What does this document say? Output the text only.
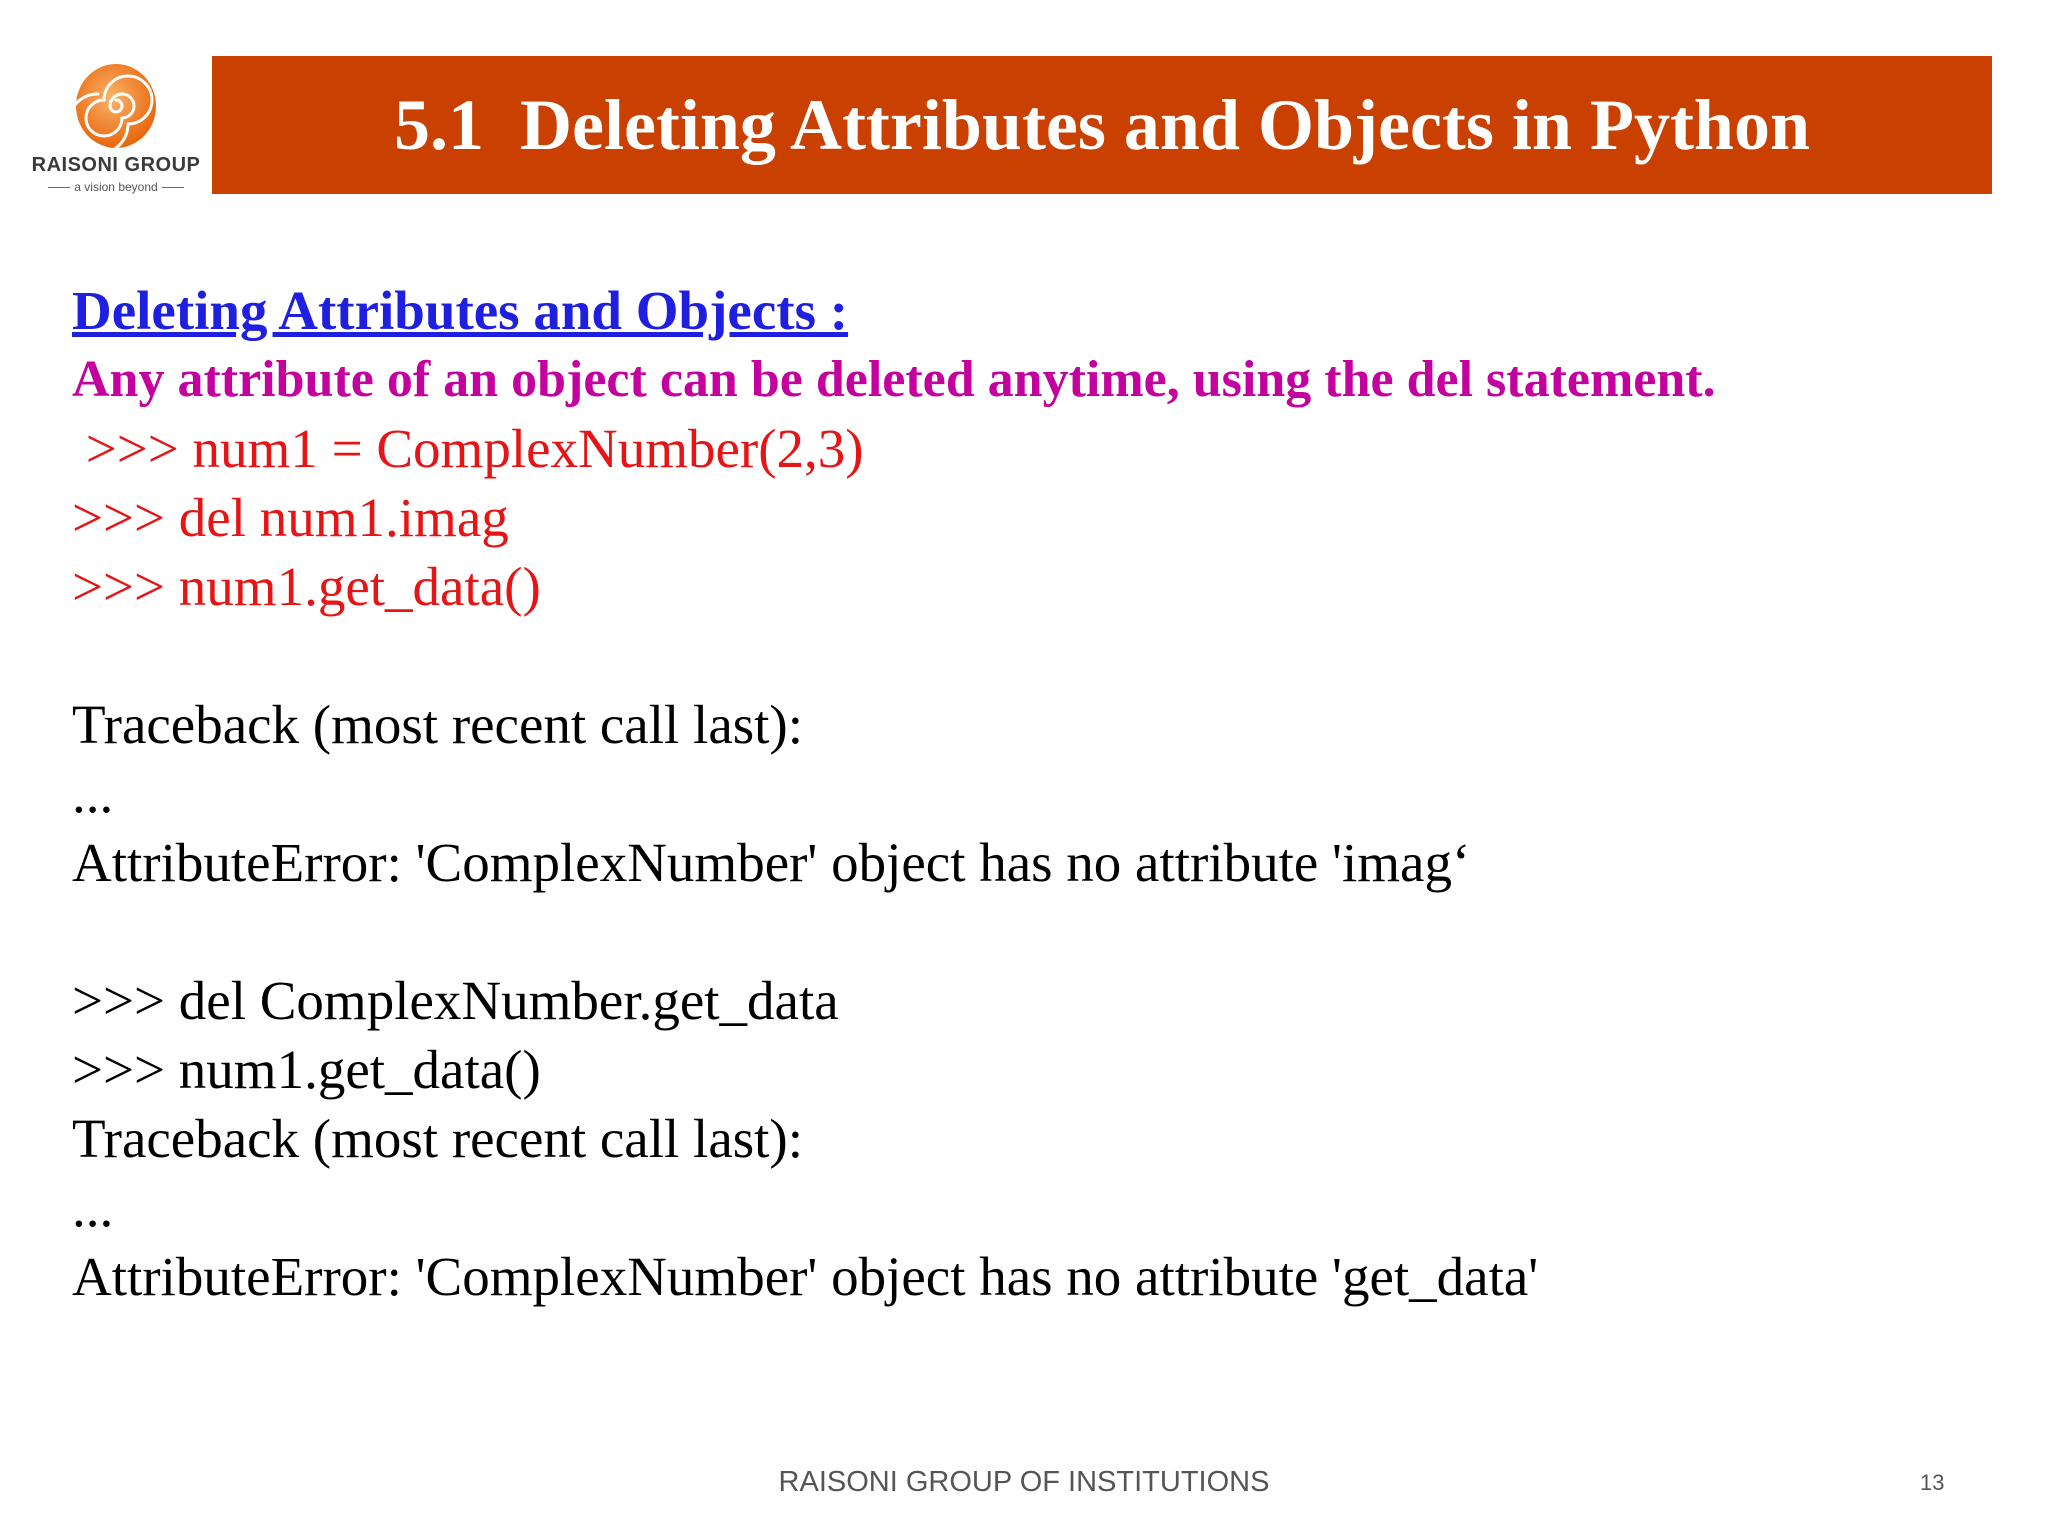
RAISONI GROUP
a vision beyond
5.1  Deleting Attributes and Objects in Python

Deleting Attributes and Objects :

Any attribute of an object can be deleted anytime, using the del statement.

>>> num1 = ComplexNumber(2,3)

>>> del num1.imag

>>> num1.get_data()

Traceback (most recent call last):

...

AttributeError: 'ComplexNumber' object has no attribute 'imag‘

>>> del ComplexNumber.get_data

>>> num1.get_data()

Traceback (most recent call last):

...

AttributeError: 'ComplexNumber' object has no attribute 'get_data'

RAISONI GROUP OF INSTITUTIONS	13
